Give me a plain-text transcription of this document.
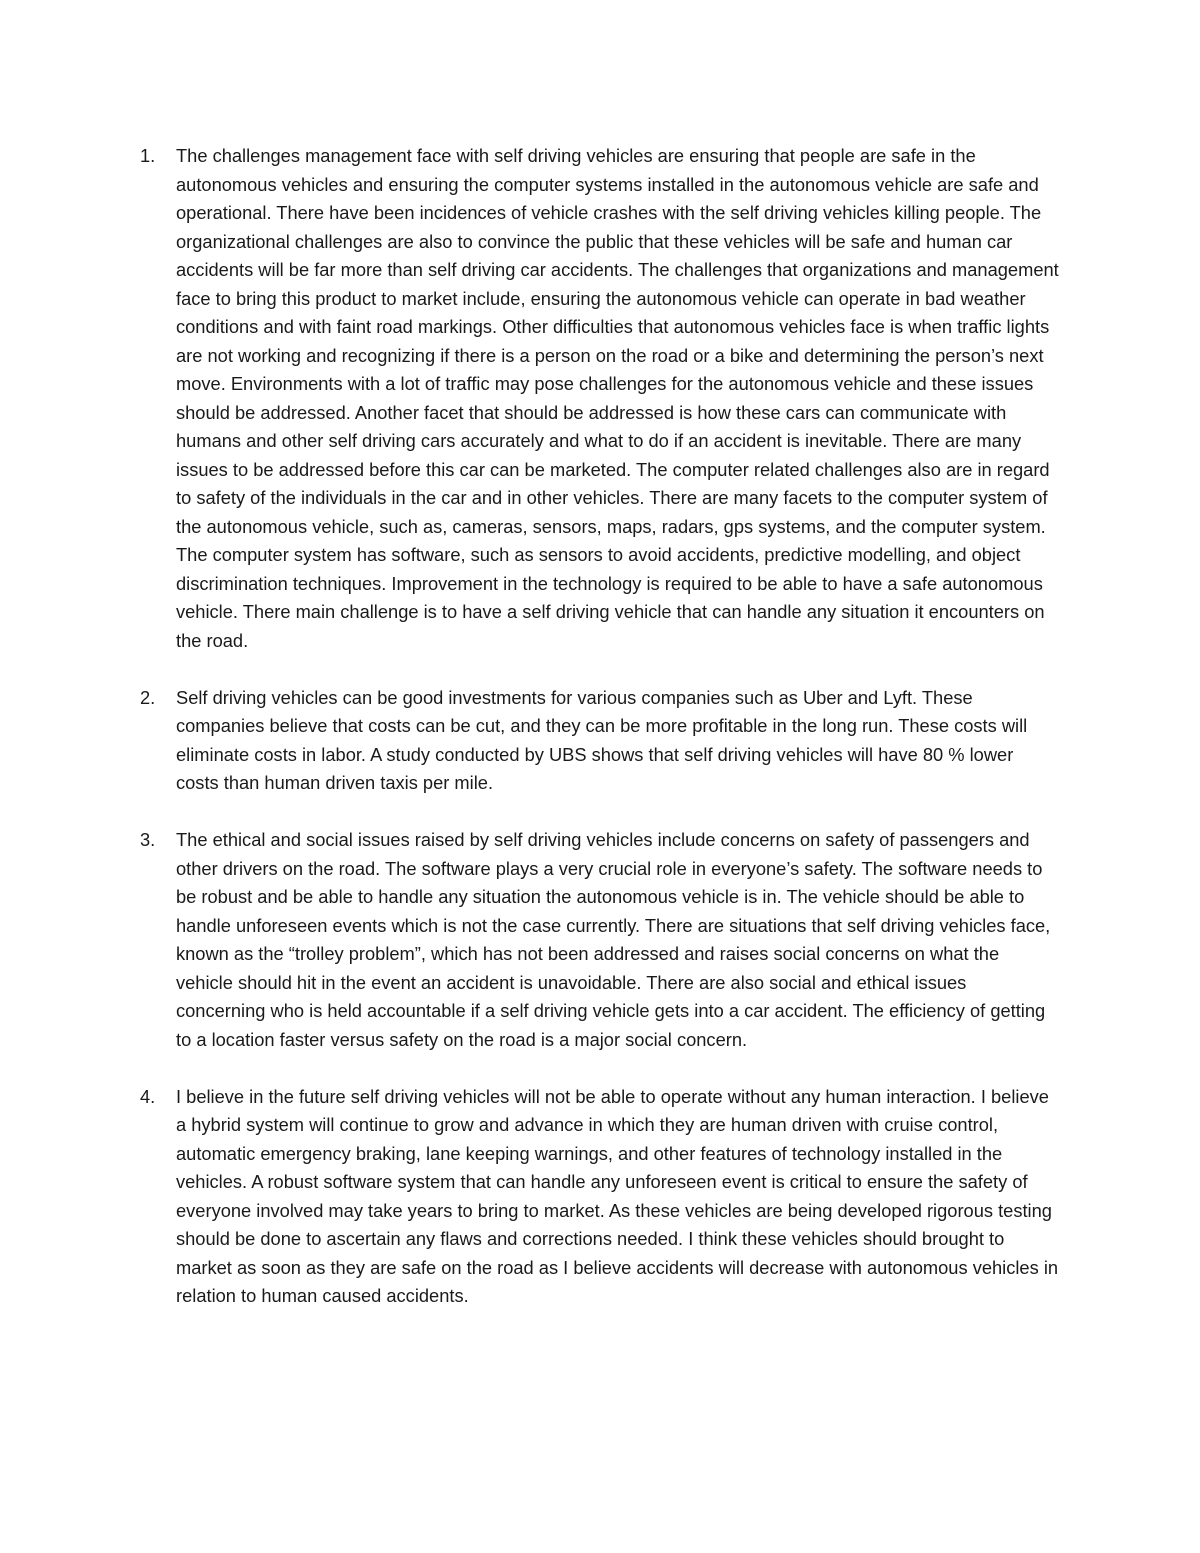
1.	The challenges management face with self driving vehicles are ensuring that people are safe in the autonomous vehicles and ensuring the computer systems installed in the autonomous vehicle are safe and operational. There have been incidences of vehicle crashes with the self driving vehicles killing people. The organizational challenges are also to convince the public that these vehicles will be safe and human car accidents will be far more than self driving car accidents. The challenges that organizations and management face to bring this product to market include, ensuring the autonomous vehicle can operate in bad weather conditions and with faint road markings. Other difficulties that autonomous vehicles face is when traffic lights are not working and recognizing if there is a person on the road or a bike and determining the person’s next move. Environments with a lot of traffic may pose challenges for the autonomous vehicle and these issues should be addressed. Another facet that should be addressed is how these cars can communicate with humans and other self driving cars accurately and what to do if an accident is inevitable. There are many issues to be addressed before this car can be marketed. The computer related challenges also are in regard to safety of the individuals in the car and in other vehicles. There are many facets to the computer system of the autonomous vehicle, such as, cameras, sensors, maps, radars, gps systems, and the computer system. The computer system has software, such as sensors to avoid accidents, predictive modelling, and object discrimination techniques. Improvement in the technology is required to be able to have a safe autonomous vehicle. There main challenge is to have a self driving vehicle that can handle any situation it encounters on the road.
2.	Self driving vehicles can be good investments for various companies such as Uber and Lyft. These companies believe that costs can be cut, and they can be more profitable in the long run. These costs will eliminate costs in labor. A study conducted by UBS shows that self driving vehicles will have 80 % lower costs than human driven taxis per mile.
3.	The ethical and social issues raised by self driving vehicles include concerns on safety of passengers and other drivers on the road. The software plays a very crucial role in everyone’s safety. The software needs to be robust and be able to handle any situation the autonomous vehicle is in. The vehicle should be able to handle unforeseen events which is not the case currently. There are situations that self driving vehicles face, known as the “trolley problem”, which has not been addressed and raises social concerns on what the vehicle should hit in the event an accident is unavoidable. There are also social and ethical issues concerning who is held accountable if a self driving vehicle gets into a car accident. The efficiency of getting to a location faster versus safety on the road is a major social concern.
4.	I believe in the future self driving vehicles will not be able to operate without any human interaction. I believe a hybrid system will continue to grow and advance in which they are human driven with cruise control, automatic emergency braking, lane keeping warnings, and other features of technology installed in the vehicles. A robust software system that can handle any unforeseen event is critical to ensure the safety of everyone involved may take years to bring to market. As these vehicles are being developed rigorous testing should be done to ascertain any flaws and corrections needed. I think these vehicles should brought to market as soon as they are safe on the road as I believe accidents will decrease with autonomous vehicles in relation to human caused accidents.
